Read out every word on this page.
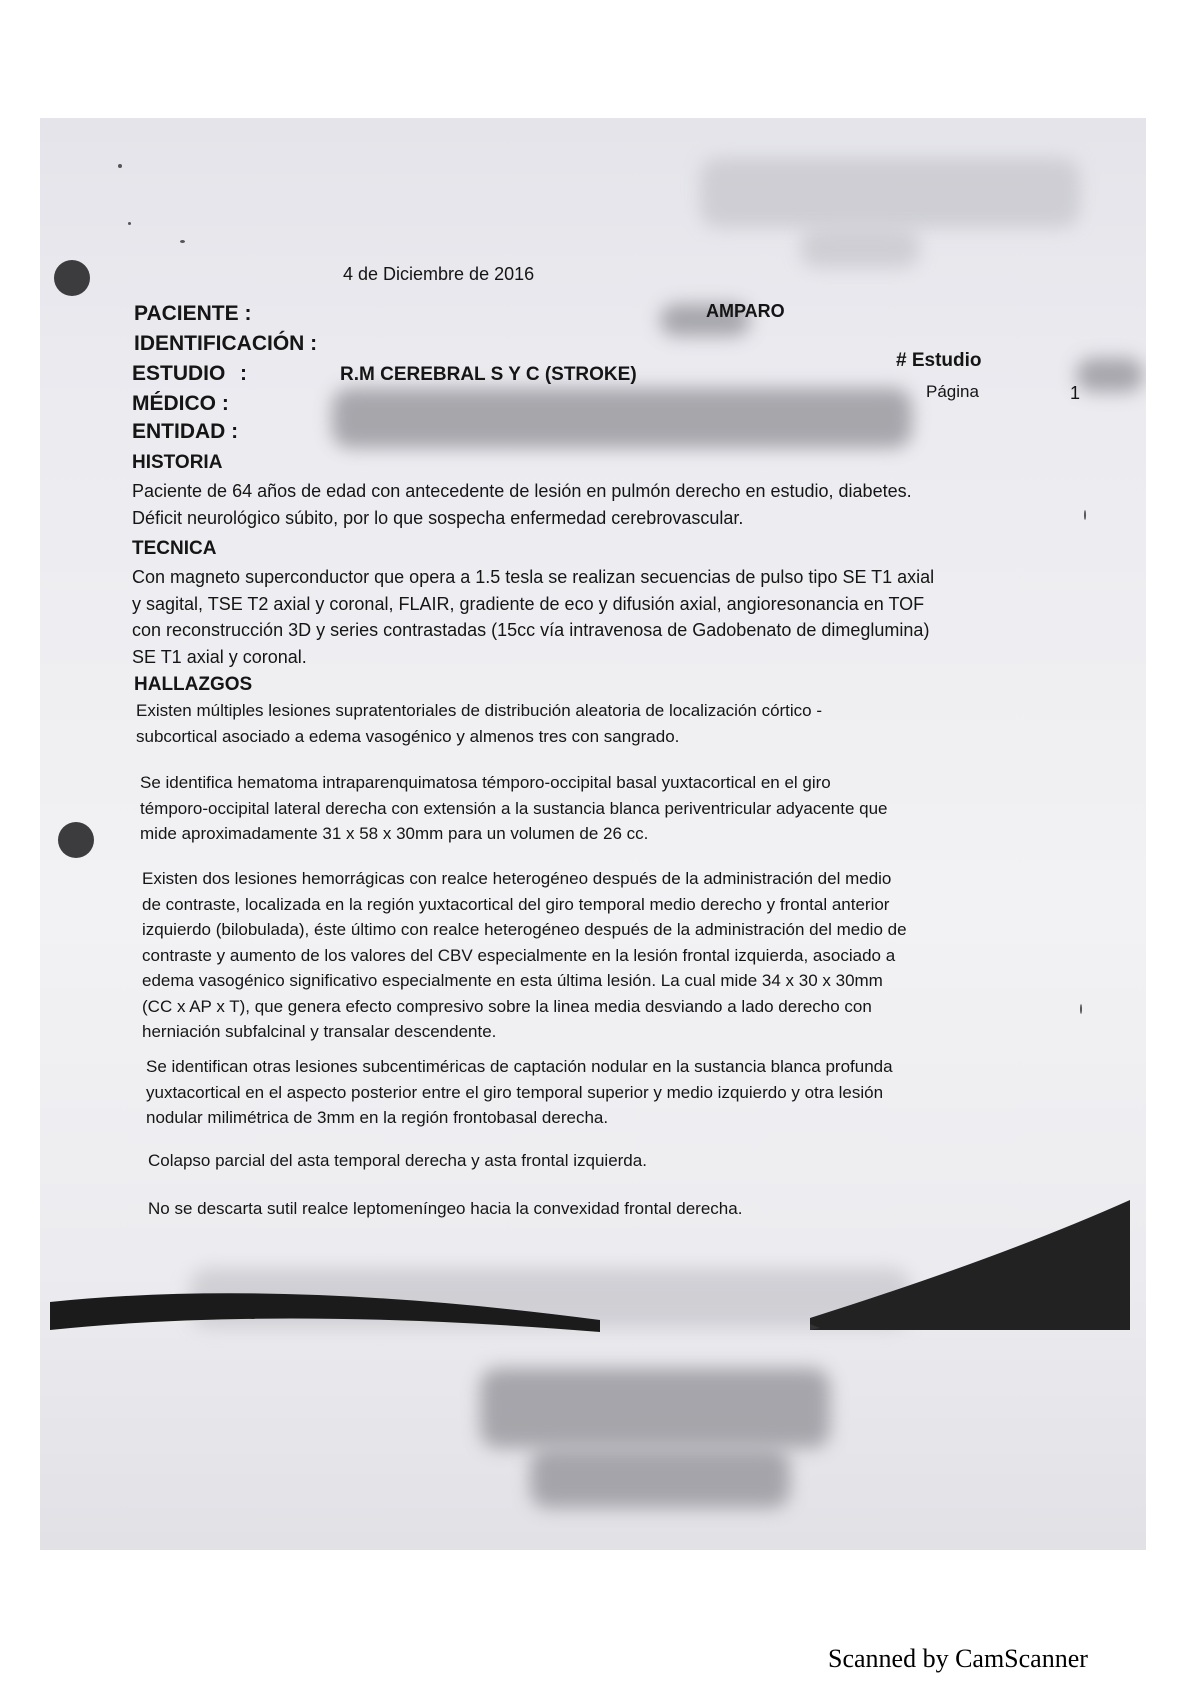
4 de Diciembre de 2016
PACIENTE :	AMPARO
IDENTIFICACIÓN :
ESTUDIO :	R.M CEREBRAL S Y C (STROKE)
MÉDICO :
ENTIDAD :
# Estudio
Página	1
HISTORIA
Paciente de 64 años de edad con antecedente de lesión en pulmón derecho en estudio, diabetes.
Déficit neurológico súbito, por lo que sospecha enfermedad cerebrovascular.
TECNICA
Con magneto superconductor que opera a 1.5 tesla se realizan secuencias de pulso tipo SE T1 axial
y sagital, TSE T2 axial y coronal, FLAIR, gradiente de eco y difusión axial, angioresonancia en TOF
con reconstrucción 3D y series contrastadas (15cc vía intravenosa de Gadobenato de dimeglumina)
SE T1 axial y coronal.
HALLAZGOS
Existen múltiples lesiones supratentoriales de distribución aleatoria de localización córtico -
subcortical asociado a edema vasogénico y almenos tres con sangrado.
Se identifica hematoma intraparenquimatosa témporo-occipital basal yuxtacortical en el giro
témporo-occipital lateral derecha con extensión a la sustancia blanca periventricular adyacente que
mide aproximadamente 31 x 58 x 30mm para un volumen de 26 cc.
Existen dos lesiones hemorrágicas con realce heterogéneo después de la administración del medio
de contraste, localizada en la región yuxtacortical del giro temporal medio derecho y frontal anterior
izquierdo (bilobulada), éste último con realce heterogéneo después de la administración del medio de
contraste y aumento de los valores del CBV especialmente en la lesión frontal izquierda, asociado a
edema vasogénico significativo especialmente en esta última lesión. La cual mide 34 x 30 x 30mm
(CC x AP x T), que genera efecto compresivo sobre la linea media desviando a lado derecho con
herniación subfalcinal y transalar descendente.
Se identifican otras lesiones subcentiméricas de captación nodular en la sustancia blanca profunda
yuxtacortical en el aspecto posterior entre el giro temporal superior y medio izquierdo y otra lesión
nodular milimétrica de 3mm en la región frontobasal derecha.
Colapso parcial del asta temporal derecha y asta frontal izquierda.
No se descarta sutil realce leptomeníngeo hacia la convexidad frontal derecha.
Scanned by CamScanner
